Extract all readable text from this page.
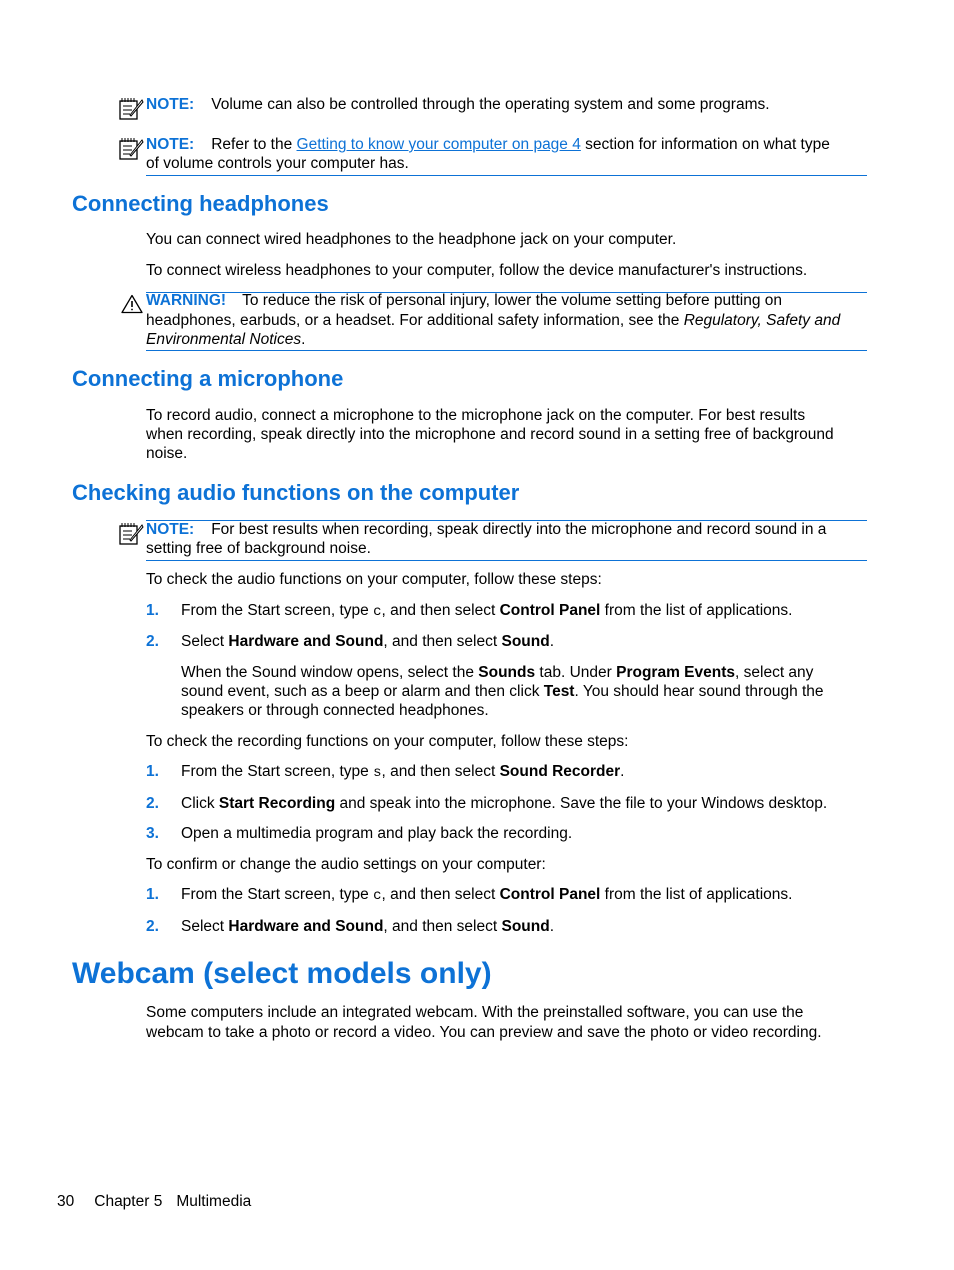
NOTE: Volume can also be controlled through the operating system and some programs.
NOTE: Refer to the Getting to know your computer on page 4 section for information on what type
of volume controls your computer has.
Connecting headphones
You can connect wired headphones to the headphone jack on your computer.
To connect wireless headphones to your computer, follow the device manufacturer's instructions.
WARNING! To reduce the risk of personal injury, lower the volume setting before putting on
headphones, earbuds, or a headset. For additional safety information, see the Regulatory, Safety and
Environmental Notices.
Connecting a microphone
To record audio, connect a microphone to the microphone jack on the computer. For best results
when recording, speak directly into the microphone and record sound in a setting free of background
noise.
Checking audio functions on the computer
NOTE: For best results when recording, speak directly into the microphone and record sound in a
setting free of background noise.
To check the audio functions on your computer, follow these steps:
1. From the Start screen, type c, and then select Control Panel from the list of applications.
2. Select Hardware and Sound, and then select Sound.
When the Sound window opens, select the Sounds tab. Under Program Events, select any
sound event, such as a beep or alarm and then click Test. You should hear sound through the
speakers or through connected headphones.
To check the recording functions on your computer, follow these steps:
1. From the Start screen, type s, and then select Sound Recorder.
2. Click Start Recording and speak into the microphone. Save the file to your Windows desktop.
3. Open a multimedia program and play back the recording.
To confirm or change the audio settings on your computer:
1. From the Start screen, type c, and then select Control Panel from the list of applications.
2. Select Hardware and Sound, and then select Sound.
Webcam (select models only)
Some computers include an integrated webcam. With the preinstalled software, you can use the
webcam to take a photo or record a video. You can preview and save the photo or video recording.
30 Chapter 5 Multimedia
